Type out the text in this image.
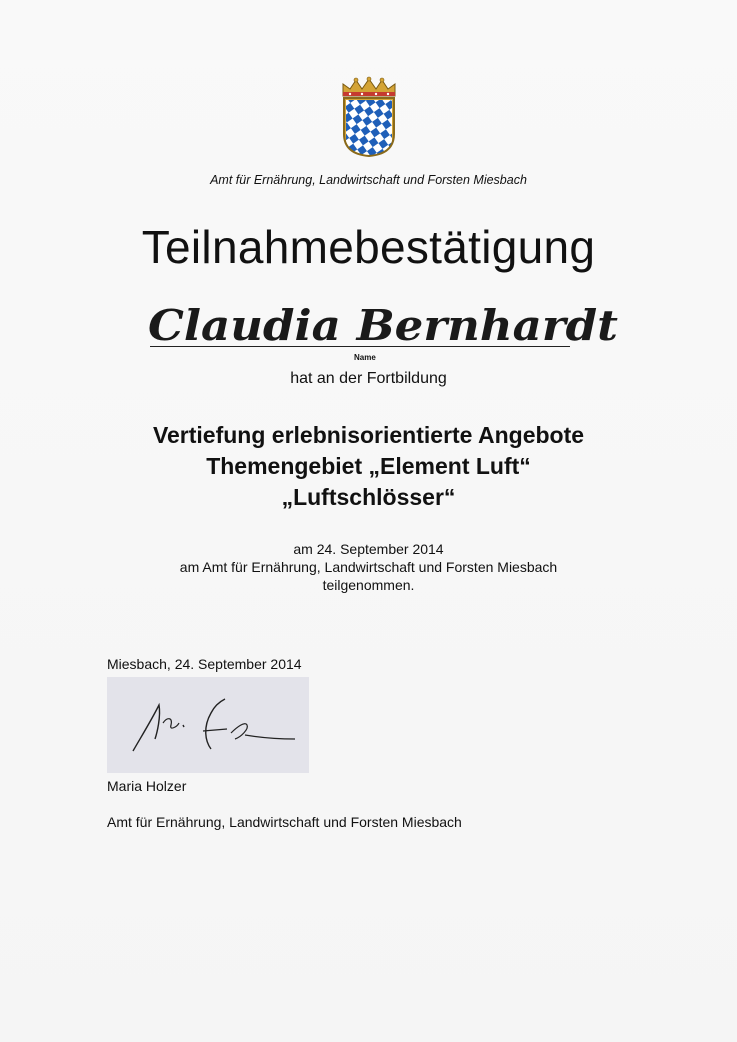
Amt für Ernährung, Landwirtschaft und Forsten Miesbach
Teilnahmebestätigung
Claudia Bernhardt
Name
hat an der Fortbildung
Vertiefung erlebnisorientierte Angebote
Themengebiet „Element Luft“
„Luftschlösser“
am 24. September 2014
am Amt für Ernährung, Landwirtschaft und Forsten Miesbach
teilgenommen.
Miesbach, 24. September 2014
Maria Holzer
Amt für Ernährung, Landwirtschaft und Forsten Miesbach
